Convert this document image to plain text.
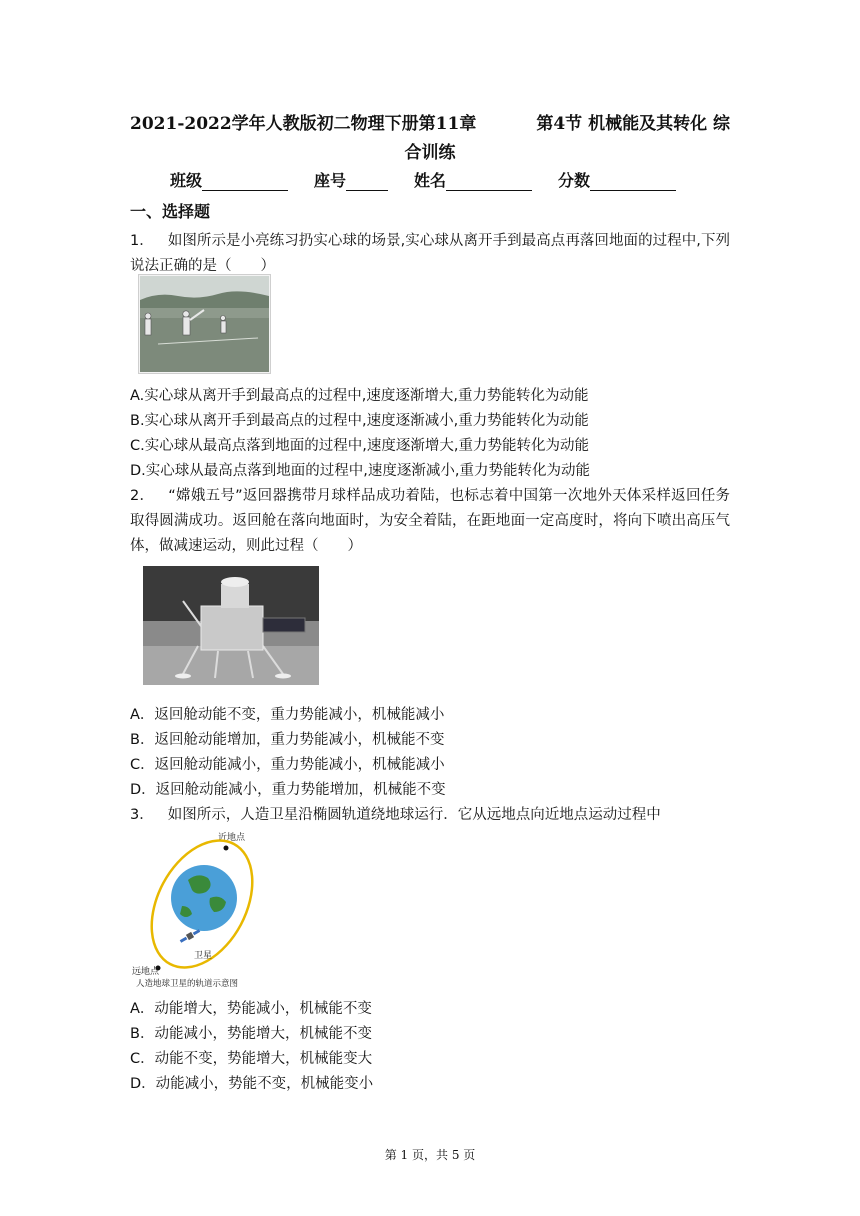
2021-2022学年人教版初二物理下册第11章	第4节 机械能及其转化 综
合训练
班级	座号	姓名	分数
一、选择题
1． 如图所示是小亮练习扔实心球的场景,实心球从离开手到最高点再落回地面的过程中,下列说法正确的是（　　）
A.实心球从离开手到最高点的过程中,速度逐渐增大,重力势能转化为动能
B.实心球从离开手到最高点的过程中,速度逐渐减小,重力势能转化为动能
C.实心球从最高点落到地面的过程中,速度逐渐增大,重力势能转化为动能
D.实心球从最高点落到地面的过程中,速度逐渐减小,重力势能转化为动能
2． “嫦娥五号”返回器携带月球样品成功着陆，也标志着中国第一次地外天体采样返回任务取得圆满成功。返回舱在落向地面时，为安全着陆，在距地面一定高度时，将向下喷出高压气体，做减速运动，则此过程（　　）
A．返回舱动能不变，重力势能减小，机械能减小
B．返回舱动能增加，重力势能减小，机械能不变
C．返回舱动能减小，重力势能减小，机械能减小
D．返回舱动能减小，重力势能增加，机械能不变
3． 如图所示，人造卫星沿椭圆轨道绕地球运行．它从远地点向近地点运动过程中
近地点
卫星
远地点
人造地球卫星的轨道示意图
A．动能增大，势能减小，机械能不变
B．动能减小，势能增大，机械能不变
C．动能不变，势能增大，机械能变大
D．动能减小，势能不变，机械能变小
第 1 页，共 5 页
